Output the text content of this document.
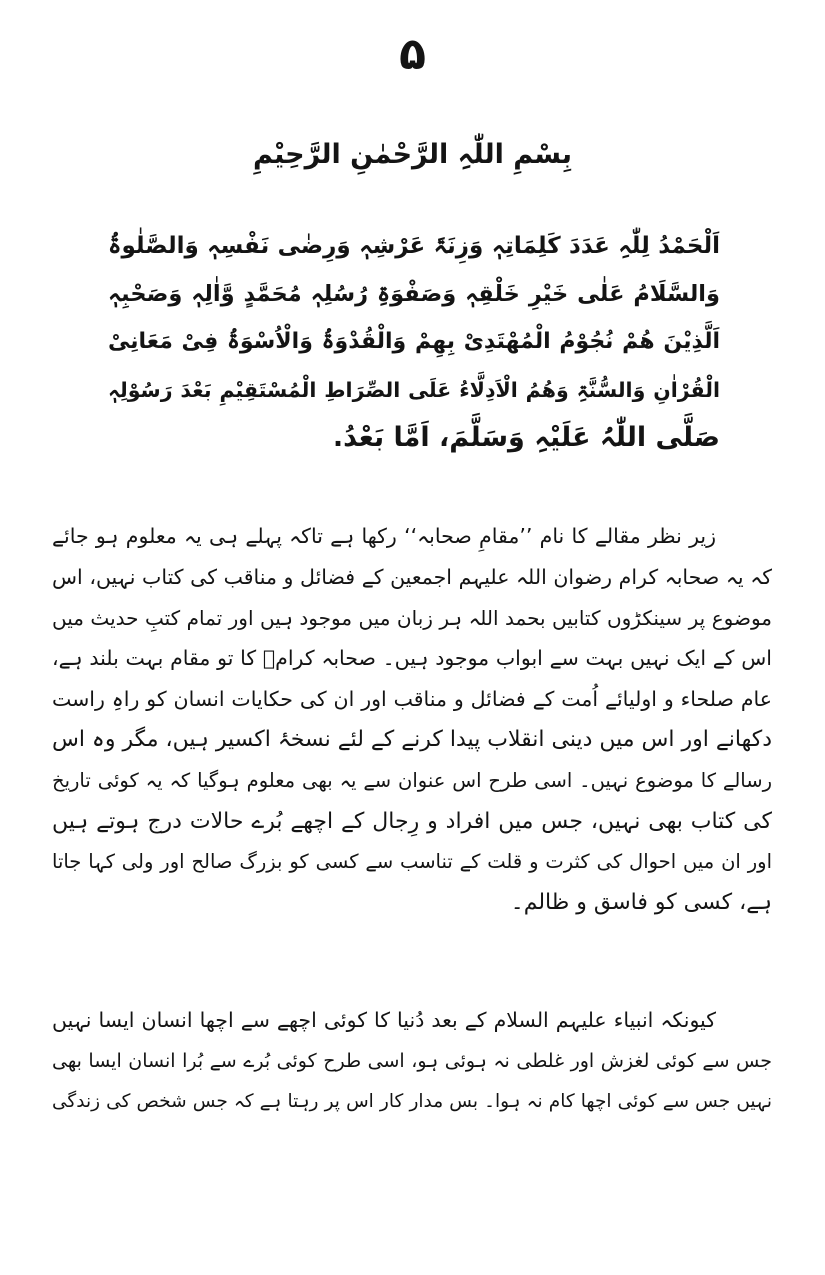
۵
بِسْمِ اللّٰہِ الرَّحْمٰنِ الرَّحِیْمِ
اَلْحَمْدُ لِلّٰہِ عَدَدَ کَلِمَاتِہٖ وَزِنَۃَ عَرْشِہٖ وَرِضٰی نَفْسِہٖ وَالصَّلٰوۃُ
وَالسَّلَامُ عَلٰی خَیْرِ خَلْقِہٖ وَصَفْوَۃِ رُسُلِہٖ مُحَمَّدٍ وَّاٰلِہٖ وَصَحْبِہٖ
اَلَّذِیْنَ ھُمْ نُجُوْمُ الْمُھْتَدِیْ بِھِمْ وَالْقُدْوَۃُ وَالْاُسْوَۃُ فِیْ مَعَانِیْ
الْقُرْاٰنِ وَالسُّنَّۃِ وَھُمُ الْاَدِلَّاءُ عَلَی الصِّرَاطِ الْمُسْتَقِیْمِ بَعْدَ رَسُوْلِہٖ
صَلَّی اللّٰہُ عَلَیْہِ وَسَلَّمَ، اَمَّا بَعْدُ.
زیر نظر مقالے کا نام ’’مقامِ صحابہ‘‘ رکھا ہے تاکہ پہلے ہی یہ معلوم ہو جائے
کہ یہ صحابہ کرام رضوان اللہ علیہم اجمعین کے فضائل و مناقب کی کتاب نہیں، اس
موضوع پر سینکڑوں کتابیں بحمد اللہ ہر زبان میں موجود ہیں اور تمام کتبِ حدیث میں
اس کے ایک نہیں بہت سے ابواب موجود ہیں۔ صحابہ کرامؓ کا تو مقام بہت بلند ہے،
عام صلحاء و اولیائے اُمت کے فضائل و مناقب اور ان کی حکایات انسان کو راہِ راست
دکھانے اور اس میں دینی انقلاب پیدا کرنے کے لئے نسخۂ اکسیر ہیں، مگر وہ اس
رسالے کا موضوع نہیں۔ اسی طرح اس عنوان سے یہ بھی معلوم ہوگیا کہ یہ کوئی تاریخ
کی کتاب بھی نہیں، جس میں افراد و رِجال کے اچھے بُرے حالات درج ہوتے ہیں
اور ان میں احوال کی کثرت و قلت کے تناسب سے کسی کو بزرگ صالح اور ولی کہا جاتا
ہے، کسی کو فاسق و ظالم۔
کیونکہ انبیاء علیہم السلام کے بعد دُنیا کا کوئی اچھے سے اچھا انسان ایسا نہیں
جس سے کوئی لغزش اور غلطی نہ ہوئی ہو، اسی طرح کوئی بُرے سے بُرا انسان ایسا بھی
نہیں جس سے کوئی اچھا کام نہ ہوا۔ بس مدار کار اس پر رہتا ہے کہ جس شخص کی زندگی
